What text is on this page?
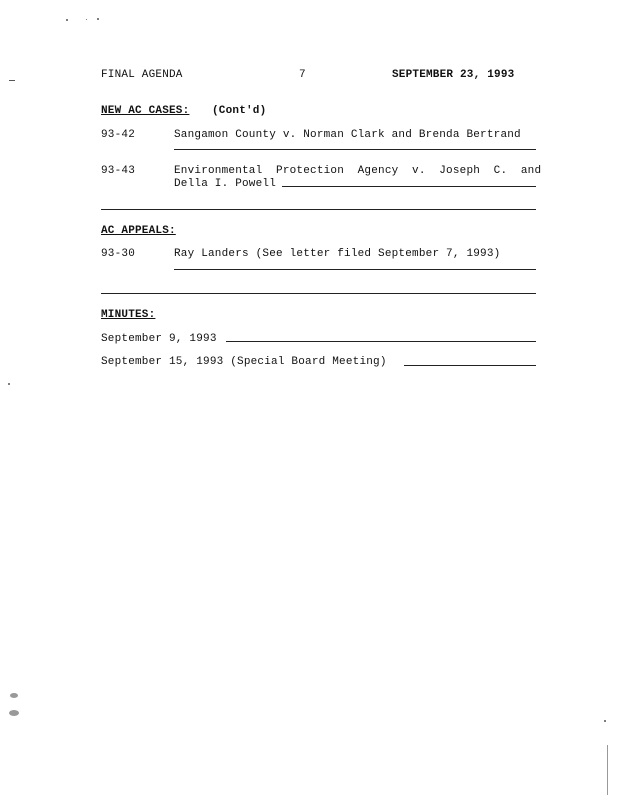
FINAL AGENDA	7	SEPTEMBER 23, 1993
NEW AC CASES: (Cont'd)
93-42	Sangamon County v. Norman Clark and Brenda Bertrand
93-43	Environmental  Protection  Agency  v.  Joseph  C.  and
Della I. Powell
AC APPEALS:
93-30	Ray Landers (See letter filed September 7, 1993)
MINUTES:
September 9, 1993
September 15, 1993 (Special Board Meeting)
